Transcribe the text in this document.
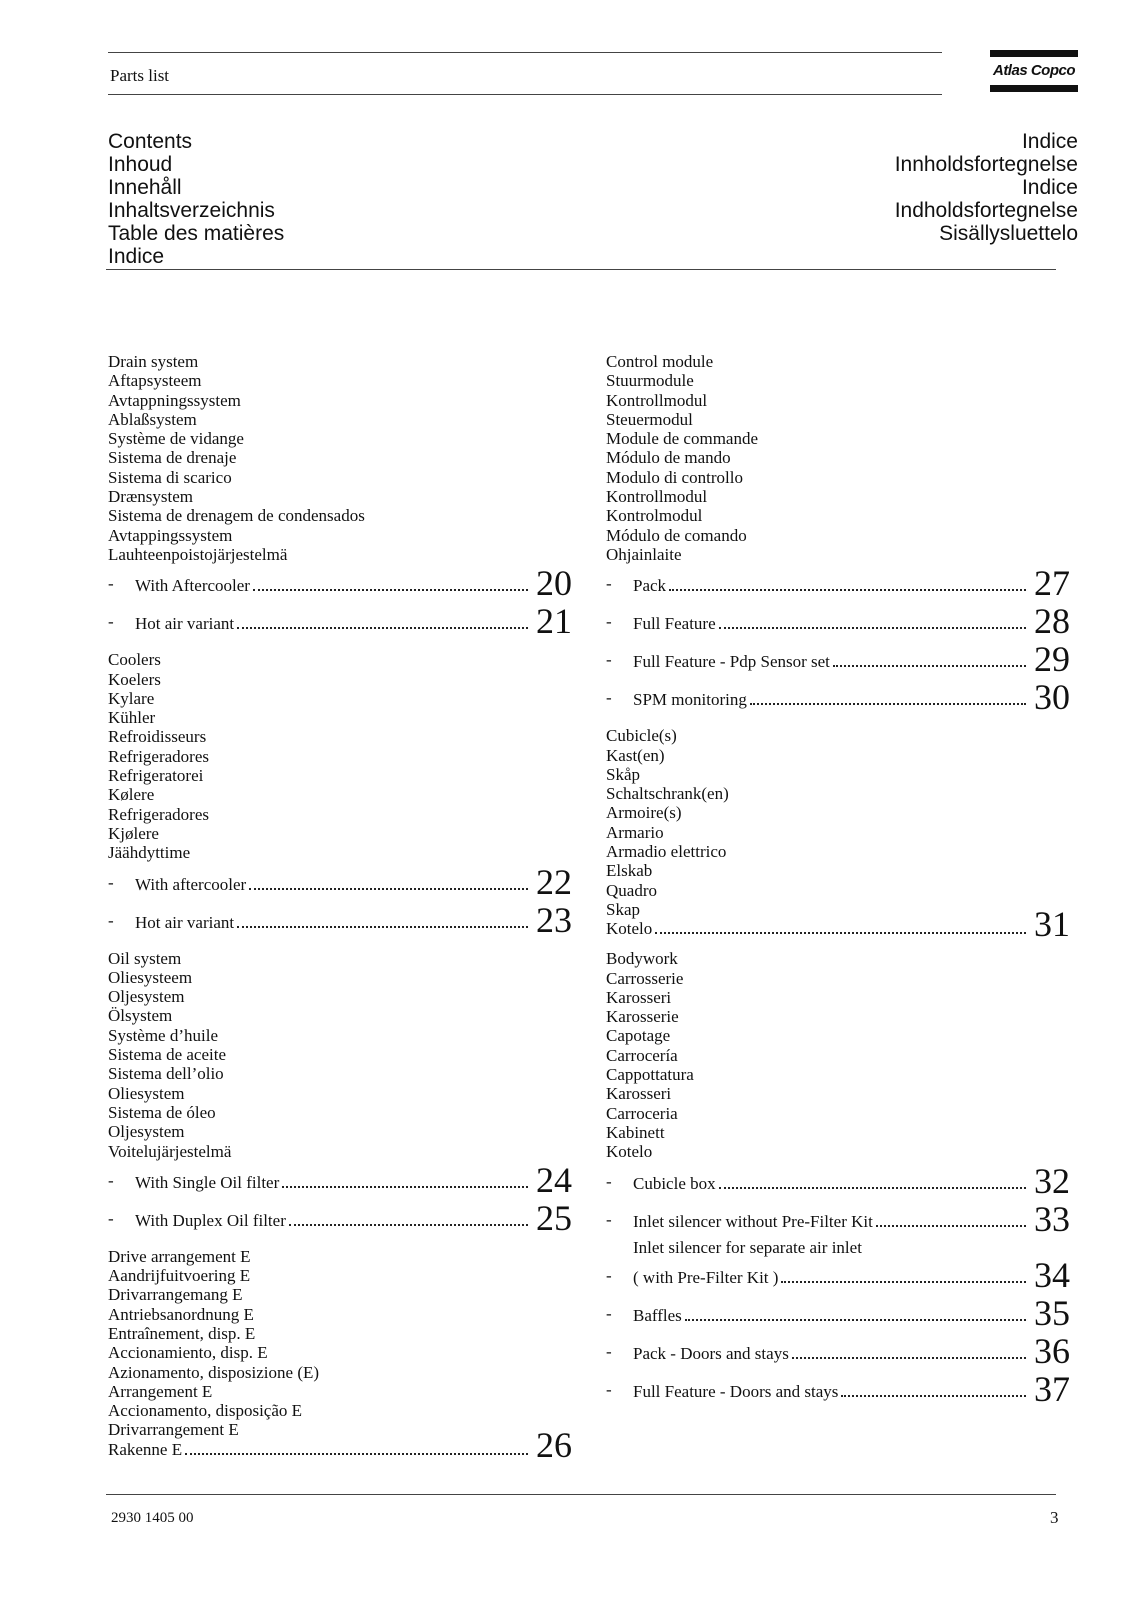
Parts list	Atlas Copco
Contents
Inhoud
Innehåll
Inhaltsverzeichnis
Table des matières
Indice
Indice
Innholdsfortegnelse
Indice
Indholdsfortegnelse
Sisällysluettelo
Drain system
Aftapsysteem
Avtappningssystem
Ablaßsystem
Système de vidange
Sistema de drenaje
Sistema di scarico
Drænsystem
Sistema de drenagem de condensados
Avtappingssystem
Lauhteenpoistojärjestelmä
- With Aftercooler	20
- Hot air variant	21
Coolers
Koelers
Kylare
Kühler
Refroidisseurs
Refrigeradores
Refrigeratorei
Kølere
Refrigeradores
Kjølere
Jäähdyttime
- With aftercooler	22
- Hot air variant	23
Oil system
Oliesysteem
Oljesystem
Ölsystem
Système d’huile
Sistema de aceite
Sistema dell’olio
Oliesystem
Sistema de óleo
Oljesystem
Voitelujärjestelmä
- With Single Oil filter	24
- With Duplex Oil filter	25
Drive arrangement E
Aandrijfuitvoering E
Drivarrangemang E
Antriebsanordnung E
Entraînement, disp. E
Accionamiento, disp. E
Azionamento, disposizione (E)
Arrangement E
Accionamento, disposição E
Drivarrangement E
Rakenne E	26
Control module
Stuurmodule
Kontrollmodul
Steuermodul
Module de commande
Módulo de mando
Modulo di controllo
Kontrollmodul
Kontrolmodul
Módulo de comando
Ohjainlaite
- Pack	27
- Full Feature	28
- Full Feature - Pdp Sensor set	29
- SPM monitoring	30
Cubicle(s)
Kast(en)
Skåp
Schaltschrank(en)
Armoire(s)
Armario
Armadio elettrico
Elskab
Quadro
Skap
Kotelo	31
Bodywork
Carrosserie
Karosseri
Karosserie
Capotage
Carrocería
Cappottatura
Karosseri
Carroceria
Kabinett
Kotelo
- Cubicle box	32
- Inlet silencer without Pre-Filter Kit	33
-
Inlet silencer for separate air inlet
( with Pre-Filter Kit )	34
- Baffles	35
- Pack - Doors and stays	36
- Full Feature - Doors and stays	37
2930 1405 00	3
